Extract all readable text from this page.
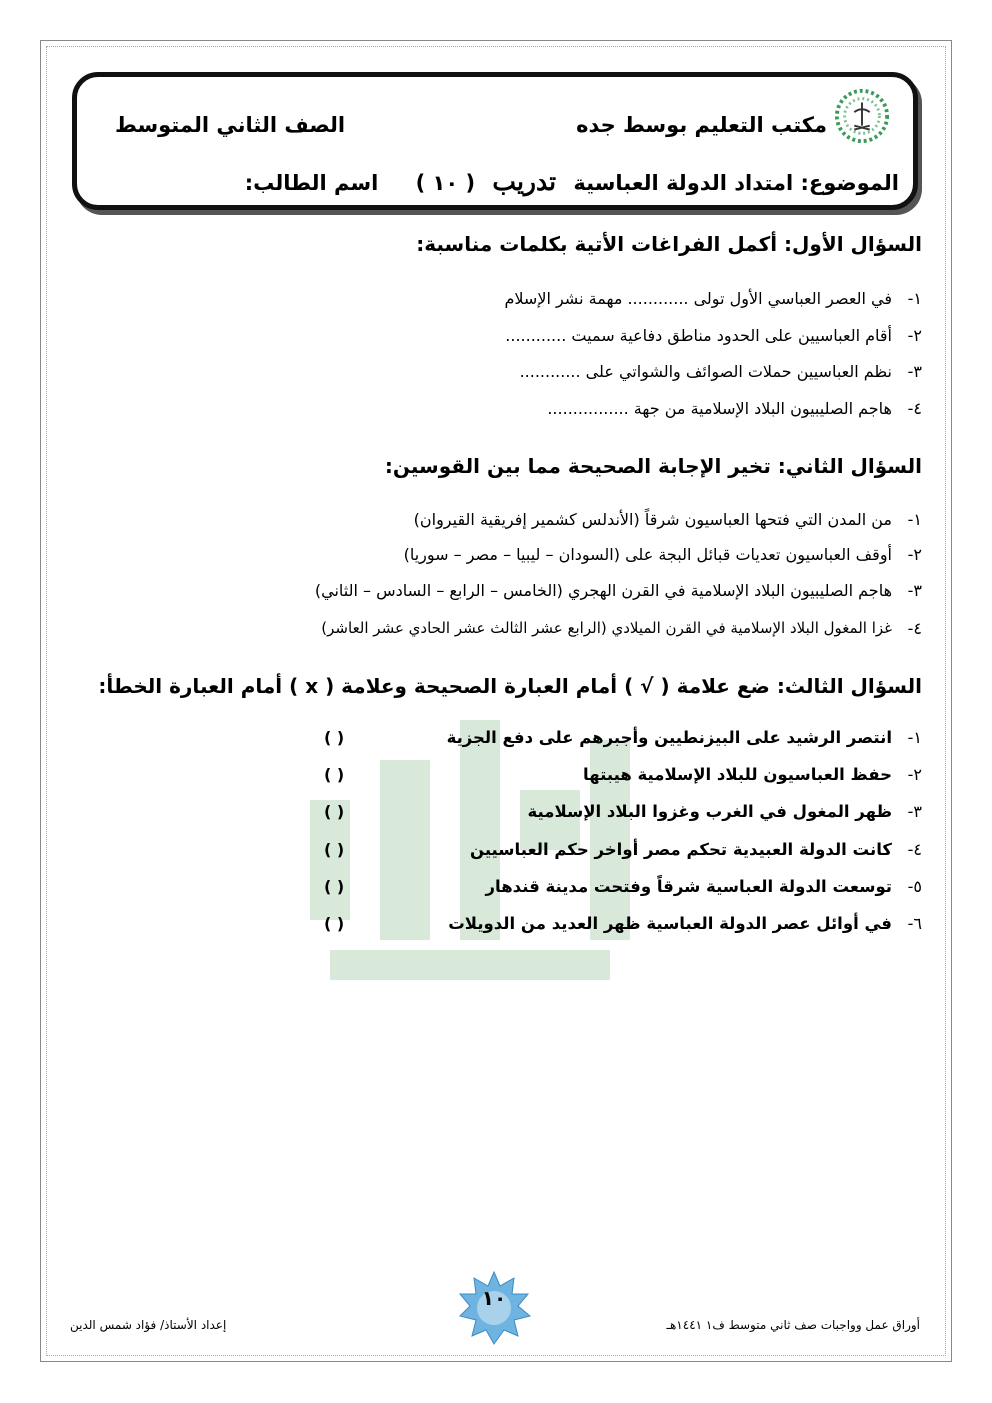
مكتب التعليم بوسط جده
الصف الثاني المتوسط
الموضوع: امتداد الدولة العباسية تدريب ( ١٠ ) اسم الطالب:
السؤال الأول: أكمل الفراغات الأتية بكلمات مناسبة:
١-
في العصر العباسي الأول تولى ............ مهمة نشر الإسلام
٢-
أقام العباسيين على الحدود مناطق دفاعية سميت ............
٣-
نظم العباسيين حملات الصوائف والشواتي على ............
٤-
هاجم الصليبيون البلاد الإسلامية من جهة ................
السؤال الثاني: تخير الإجابة الصحيحة مما بين القوسين:
١-
من المدن التي فتحها العباسيون شرقاً (الأندلس كشمير إفريقية القيروان)
٢-
أوقف العباسيون تعديات قبائل البجة على (السودان – ليبيا – مصر – سوريا)
٣-
هاجم الصليبيون البلاد الإسلامية في القرن الهجري (الخامس – الرابع – السادس – الثاني)
٤-
غزا المغول البلاد الإسلامية في القرن الميلادي (الرابع عشر الثالث عشر الحادي عشر العاشر)
السؤال الثالث: ضع علامة ( √ ) أمام العبارة الصحيحة وعلامة ( x ) أمام العبارة الخطأ:
١-
انتصر الرشيد على البيزنطيين وأجبرهم على دفع الجزية
( )
٢-
حفظ العباسيون للبلاد الإسلامية هيبتها
( )
٣-
ظهر المغول في الغرب وغزوا البلاد الإسلامية
( )
٤-
كانت الدولة العبيدية تحكم مصر أواخر حكم العباسيين
( )
٥-
توسعت الدولة العباسية شرقاً وفتحت مدينة قندهار
( )
٦-
في أوائل عصر الدولة العباسية ظهر العديد من الدويلات
( )
١٠
إعداد الأستاذ/ فؤاد شمس الدين	أوراق عمل وواجبات صف ثاني متوسط ف١ ١٤٤١هـ
